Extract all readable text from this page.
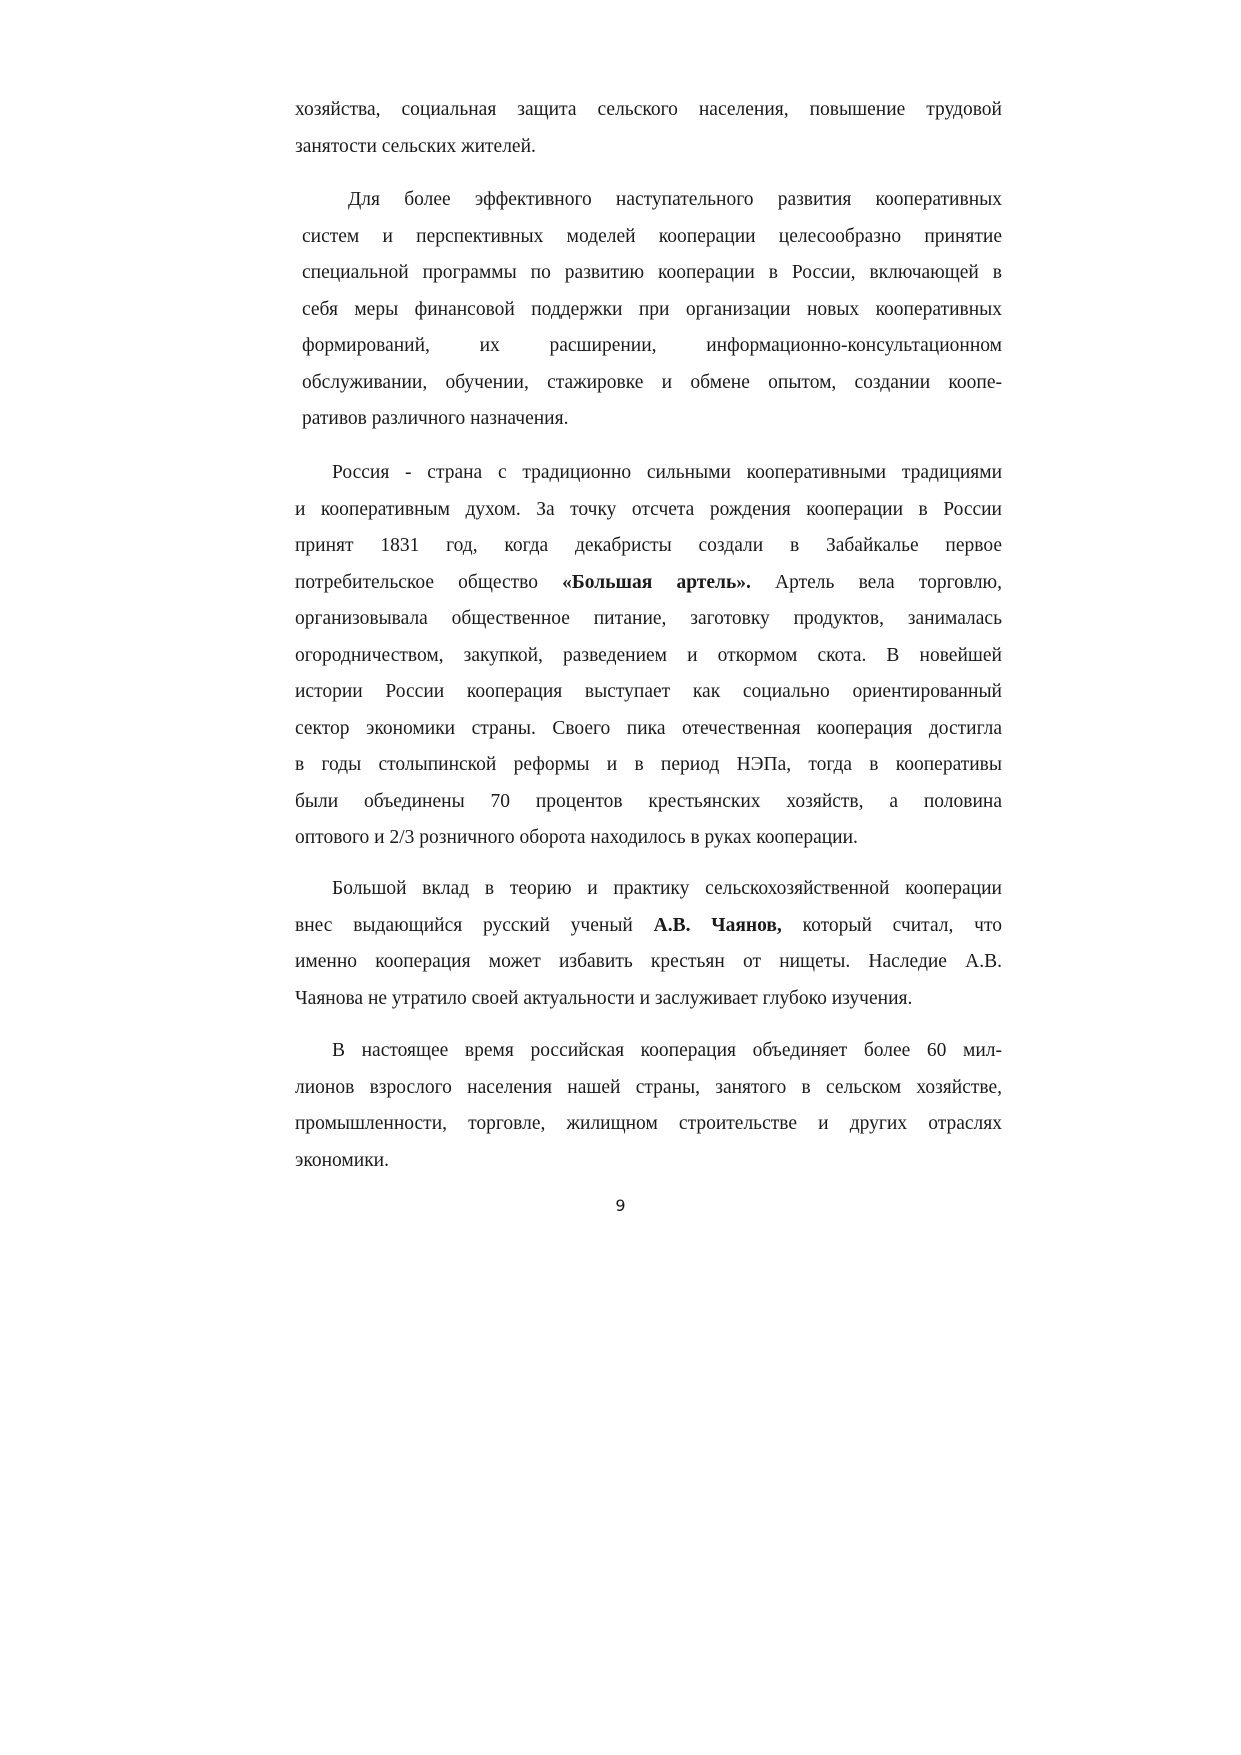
хозяйства, социальная защита сельского населения, повышение трудовой
занятости сельских жителей.
Для более эффективного наступательного развития кооперативных
систем и перспективных моделей кооперации целесообразно принятие
специальной программы по развитию кооперации в России, включающей в
себя меры финансовой поддержки при организации новых кооперативных
формирований, их расширении, информационно-консультационном
обслуживании, обучении, стажировке и обмене опытом, создании коопе-
ративов различного назначения.
Россия - страна с традиционно сильными кооперативными традициями
и кооперативным духом. За точку отсчета рождения кооперации в России
принят 1831 год, когда декабристы создали в Забайкалье первое
потребительское общество «Большая артель». Артель вела торговлю,
организовывала общественное питание, заготовку продуктов, занималась
огородничеством, закупкой, разведением и откормом скота. В новейшей
истории России кооперация выступает как социально ориентированный
сектор экономики страны. Своего пика отечественная кооперация достигла
в годы столыпинской реформы и в период НЭПа, тогда в кооперативы
были объединены 70 процентов крестьянских хозяйств, а половина
оптового и 2/3 розничного оборота находилось в руках кооперации.
Большой вклад в теорию и практику сельскохозяйственной кооперации
внес выдающийся русский ученый А.В. Чаянов, который считал, что
именно кооперация может избавить крестьян от нищеты. Наследие А.В.
Чаянова не утратило своей актуальности и заслуживает глубоко изучения.
В настоящее время российская кооперация объединяет более 60 мил-
лионов взрослого населения нашей страны, занятого в сельском хозяйстве,
промышленности, торговле, жилищном строительстве и других отраслях
экономики.
9
